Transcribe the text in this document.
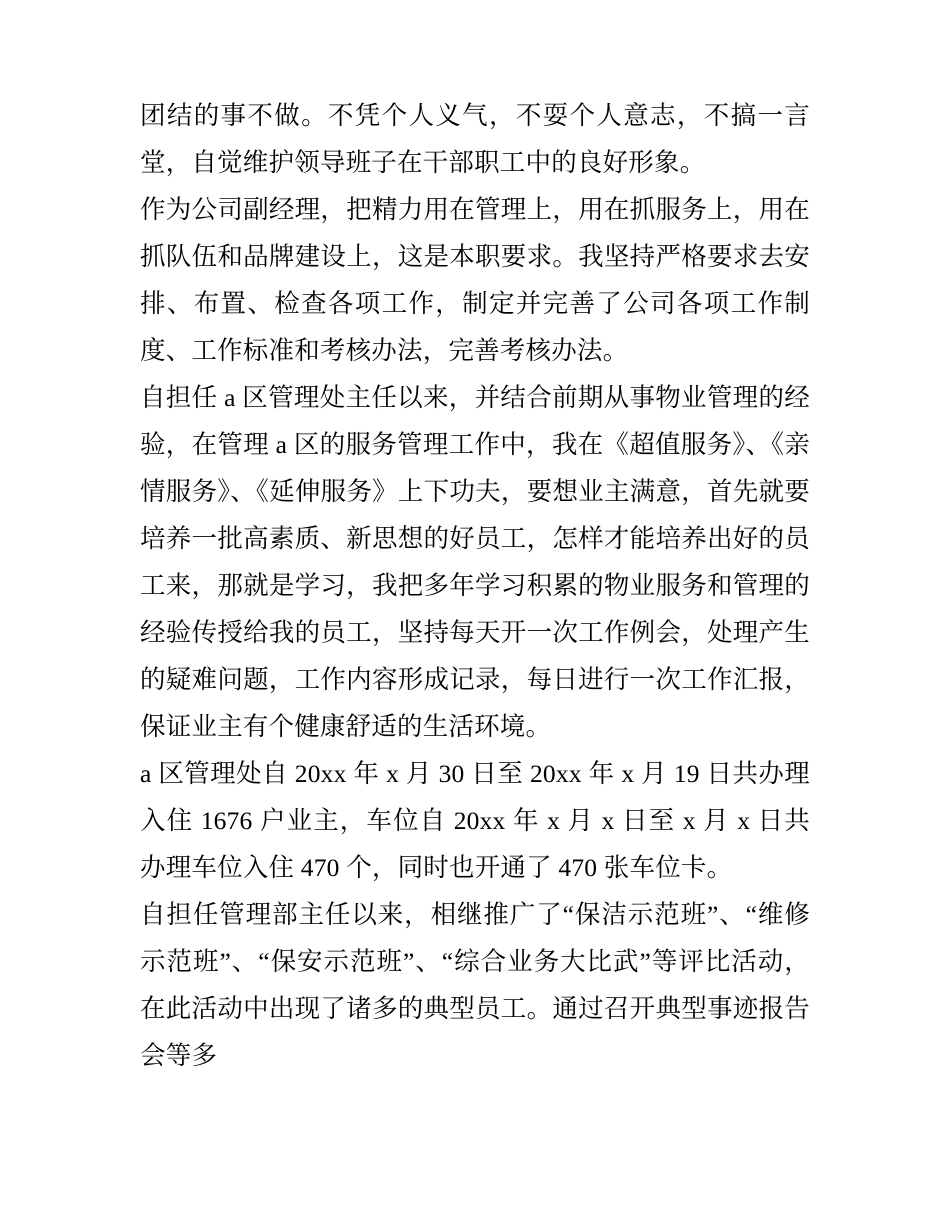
团结的事不做。不凭个人义气，不耍个人意志，不搞一言堂，自觉维护领导班子在干部职工中的良好形象。

作为公司副经理，把精力用在管理上，用在抓服务上，用在抓队伍和品牌建设上，这是本职要求。我坚持严格要求去安排、布置、检查各项工作，制定并完善了公司各项工作制度、工作标准和考核办法，完善考核办法。

自担任 a 区管理处主任以来，并结合前期从事物业管理的经验，在管理 a 区的服务管理工作中，我在《超值服务》、《亲情服务》、《延伸服务》上下功夫，要想业主满意，首先就要培养一批高素质、新思想的好员工，怎样才能培养出好的员工来，那就是学习，我把多年学习积累的物业服务和管理的经验传授给我的员工，坚持每天开一次工作例会，处理产生的疑难问题，工作内容形成记录，每日进行一次工作汇报，保证业主有个健康舒适的生活环境。

a 区管理处自 20xx 年 x 月 30 日至 20xx 年 x 月 19 日共办理入住 1676 户业主，车位自 20xx 年 x 月 x 日至 x 月 x 日共办理车位入住 470 个，同时也开通了 470 张车位卡。

自担任管理部主任以来，相继推广了“保洁示范班”、“维修示范班”、“保安示范班”、“综合业务大比武”等评比活动，在此活动中出现了诸多的典型员工。通过召开典型事迹报告会等多
